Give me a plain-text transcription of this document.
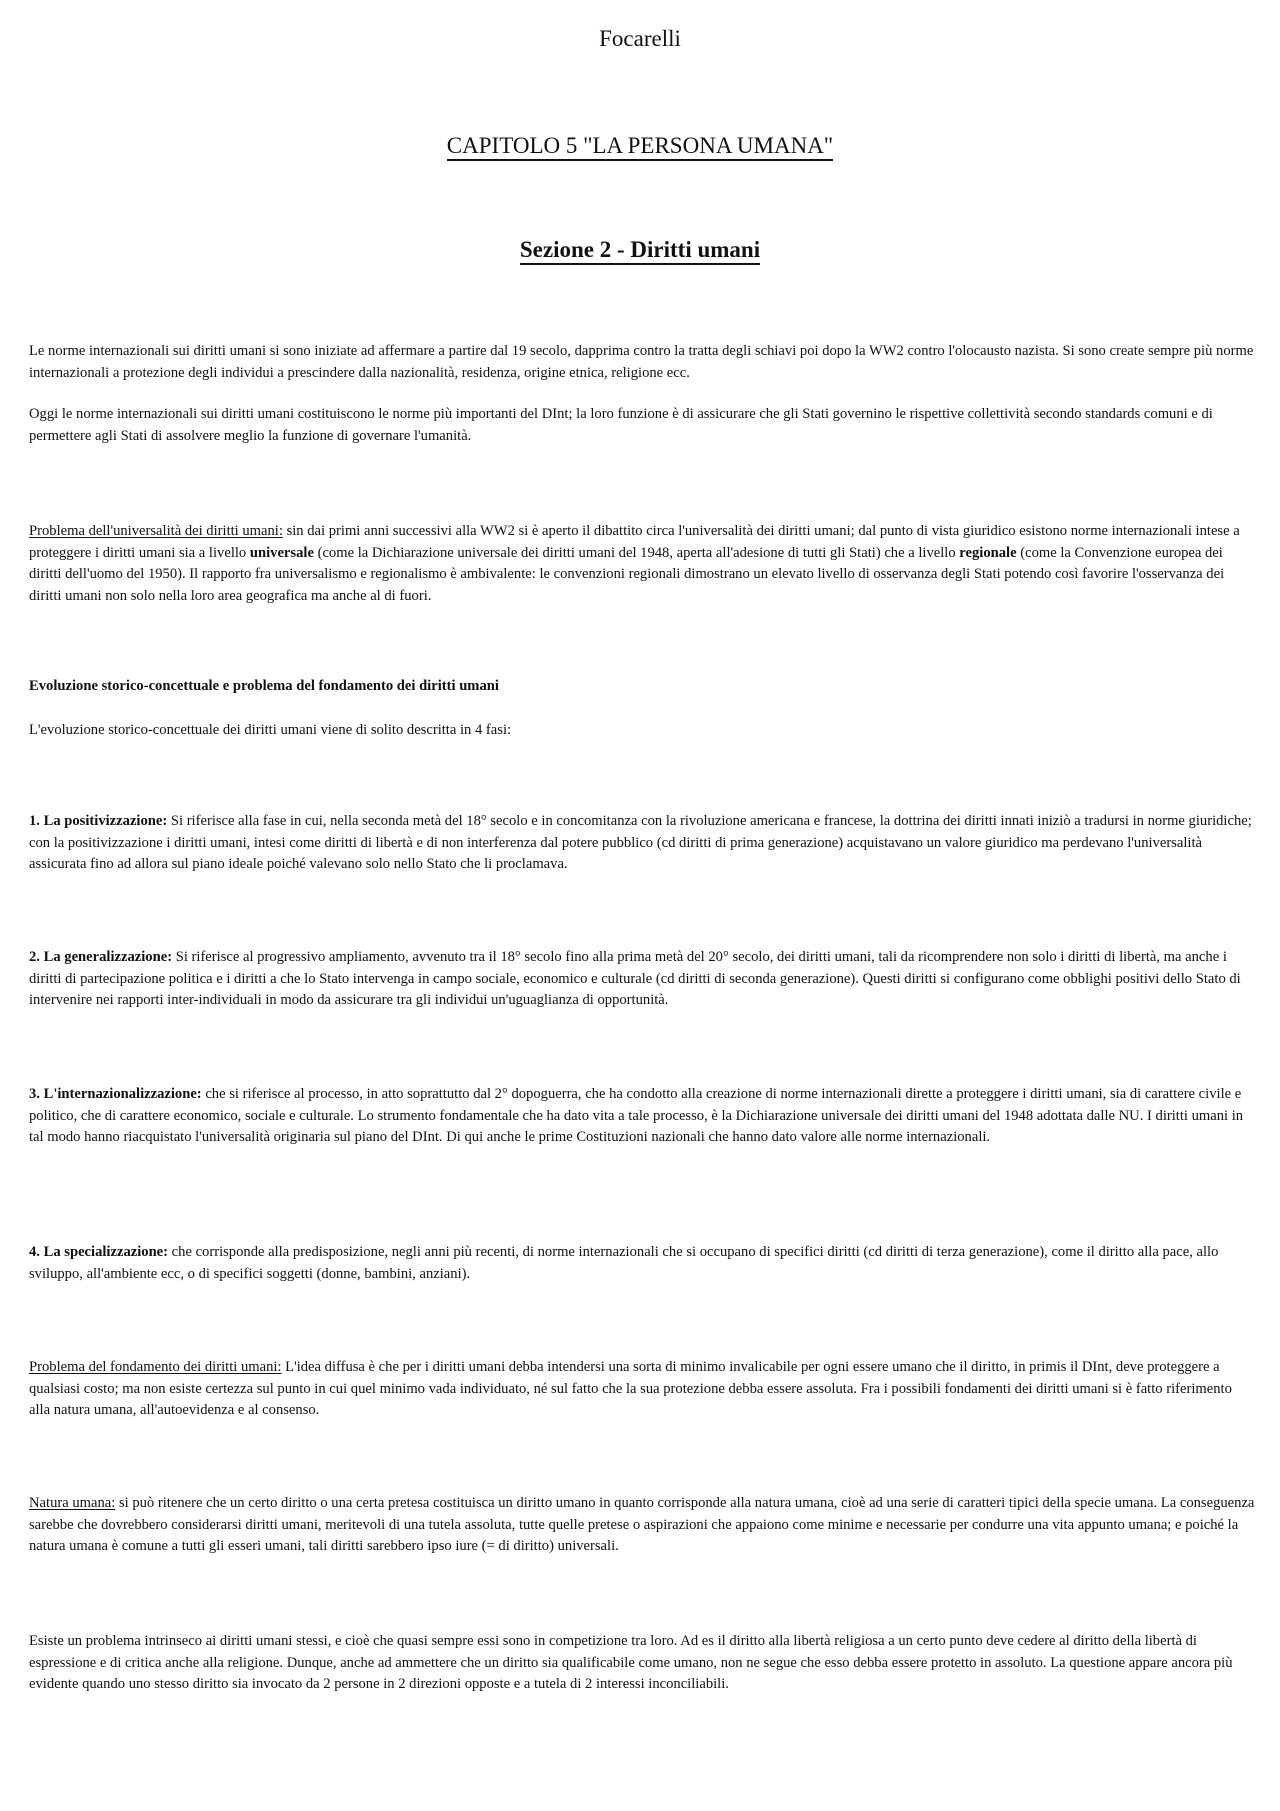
Focarelli
CAPITOLO 5 "LA PERSONA UMANA"
Sezione 2 - Diritti umani

Le norme internazionali sui diritti umani si sono iniziate ad affermare a partire dal 19 secolo, dapprima contro la tratta degli schiavi poi dopo la WW2 contro l'olocausto nazista. Si sono create sempre più norme internazionali a protezione degli individui a prescindere dalla nazionalità, residenza, origine etnica, religione ecc.

Oggi le norme internazionali sui diritti umani costituiscono le norme più importanti del DInt; la loro funzione è di assicurare che gli Stati governino le rispettive collettività secondo standards comuni e di permettere agli Stati di assolvere meglio la funzione di governare l'umanità.

Problema dell'universalità dei diritti umani: sin dai primi anni successivi alla WW2 si è aperto il dibattito circa l'universalità dei diritti umani; dal punto di vista giuridico esistono norme internazionali intese a proteggere i diritti umani sia a livello universale (come la Dichiarazione universale dei diritti umani del 1948, aperta all'adesione di tutti gli Stati) che a livello regionale (come la Convenzione europea dei diritti dell'uomo del 1950). Il rapporto fra universalismo e regionalismo è ambivalente: le convenzioni regionali dimostrano un elevato livello di osservanza degli Stati potendo così favorire l'osservanza dei diritti umani non solo nella loro area geografica ma anche al di fuori.

Evoluzione storico-concettuale e problema del fondamento dei diritti umani

L'evoluzione storico-concettuale dei diritti umani viene di solito descritta in 4 fasi:

1. La positivizzazione: Si riferisce alla fase in cui, nella seconda metà del 18° secolo e in concomitanza con la rivoluzione americana e francese, la dottrina dei diritti innati iniziò a tradursi in norme giuridiche; con la positivizzazione i diritti umani, intesi come diritti di libertà e di non interferenza dal potere pubblico (cd diritti di prima generazione) acquistavano un valore giuridico ma perdevano l'universalità assicurata fino ad allora sul piano ideale poiché valevano solo nello Stato che li proclamava.

2. La generalizzazione: Si riferisce al progressivo ampliamento, avvenuto tra il 18° secolo fino alla prima metà del 20° secolo, dei diritti umani, tali da ricomprendere non solo i diritti di libertà, ma anche i diritti di partecipazione politica e i diritti a che lo Stato intervenga in campo sociale, economico e culturale (cd diritti di seconda generazione). Questi diritti si configurano come obblighi positivi dello Stato di intervenire nei rapporti inter-individuali in modo da assicurare tra gli individui un'uguaglianza di opportunità.

3. L'internazionalizzazione: che si riferisce al processo, in atto soprattutto dal 2° dopoguerra, che ha condotto alla creazione di norme internazionali dirette a proteggere i diritti umani, sia di carattere civile e politico, che di carattere economico, sociale e culturale. Lo strumento fondamentale che ha dato vita a tale processo, è la Dichiarazione universale dei diritti umani del 1948 adottata dalle NU. I diritti umani in tal modo hanno riacquistato l'universalità originaria sul piano del DInt. Di qui anche le prime Costituzioni nazionali che hanno dato valore alle norme internazionali.

4. La specializzazione: che corrisponde alla predisposizione, negli anni più recenti, di norme internazionali che si occupano di specifici diritti (cd diritti di terza generazione), come il diritto alla pace, allo sviluppo, all'ambiente ecc, o di specifici soggetti (donne, bambini, anziani).

Problema del fondamento dei diritti umani: L'idea diffusa è che per i diritti umani debba intendersi una sorta di minimo invalicabile per ogni essere umano che il diritto, in primis il DInt, deve proteggere a qualsiasi costo; ma non esiste certezza sul punto in cui quel minimo vada individuato, né sul fatto che la sua protezione debba essere assoluta. Fra i possibili fondamenti dei diritti umani si è fatto riferimento alla natura umana, all'autoevidenza e al consenso.

Natura umana: si può ritenere che un certo diritto o una certa pretesa costituisca un diritto umano in quanto corrisponde alla natura umana, cioè ad una serie di caratteri tipici della specie umana. La conseguenza sarebbe che dovrebbero considerarsi diritti umani, meritevoli di una tutela assoluta, tutte quelle pretese o aspirazioni che appaiono come minime e necessarie per condurre una vita appunto umana; e poiché la natura umana è comune a tutti gli esseri umani, tali diritti sarebbero ipso iure (= di diritto) universali.

Esiste un problema intrinseco ai diritti umani stessi, e cioè che quasi sempre essi sono in competizione tra loro. Ad es il diritto alla libertà religiosa a un certo punto deve cedere al diritto della libertà di espressione e di critica anche alla religione. Dunque, anche ad ammettere che un diritto sia qualificabile come umano, non ne segue che esso debba essere protetto in assoluto. La questione appare ancora più evidente quando uno stesso diritto sia invocato da 2 persone in 2 direzioni opposte e a tutela di 2 interessi inconciliabili.
